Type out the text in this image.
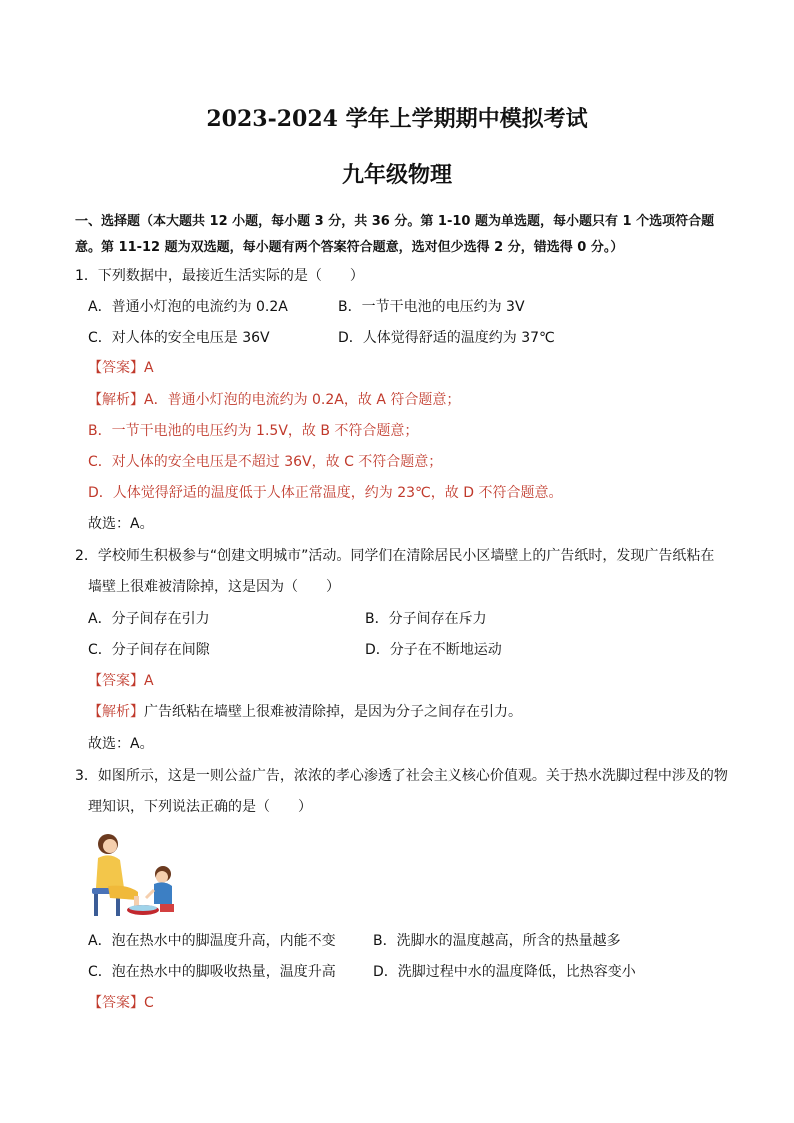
2023-2024 学年上学期期中模拟考试
九年级物理
一、选择题（本大题共 12 小题，每小题 3 分，共 36 分。第 1-10 题为单选题，每小题只有 1 个选项符合题
意。第 11-12 题为双选题，每小题有两个答案符合题意，选对但少选得 2 分，错选得 0 分。）
1．下列数据中，最接近生活实际的是（　　）
A．普通小灯泡的电流约为 0.2A	B．一节干电池的电压约为 3V
C．对人体的安全电压是 36V	D．人体觉得舒适的温度约为 37℃
【答案】A
【解析】A．普通小灯泡的电流约为 0.2A，故 A 符合题意；
B．一节干电池的电压约为 1.5V，故 B 不符合题意；
C．对人体的安全电压是不超过 36V，故 C 不符合题意；
D．人体觉得舒适的温度低于人体正常温度，约为 23℃，故 D 不符合题意。
故选：A。
2．学校师生积极参与“创建文明城市”活动。同学们在清除居民小区墙壁上的广告纸时，发现广告纸粘在
墙壁上很难被清除掉，这是因为（　　）
A．分子间存在引力	B．分子间存在斥力
C．分子间存在间隙	D．分子在不断地运动
【答案】A
【解析】广告纸粘在墙壁上很难被清除掉，是因为分子之间存在引力。
故选：A。
3．如图所示，这是一则公益广告，浓浓的孝心渗透了社会主义核心价值观。关于热水洗脚过程中涉及的物
理知识，下列说法正确的是（　　）
A．泡在热水中的脚温度升高，内能不变	B．洗脚水的温度越高，所含的热量越多
C．泡在热水中的脚吸收热量，温度升高	D．洗脚过程中水的温度降低，比热容变小
【答案】C
